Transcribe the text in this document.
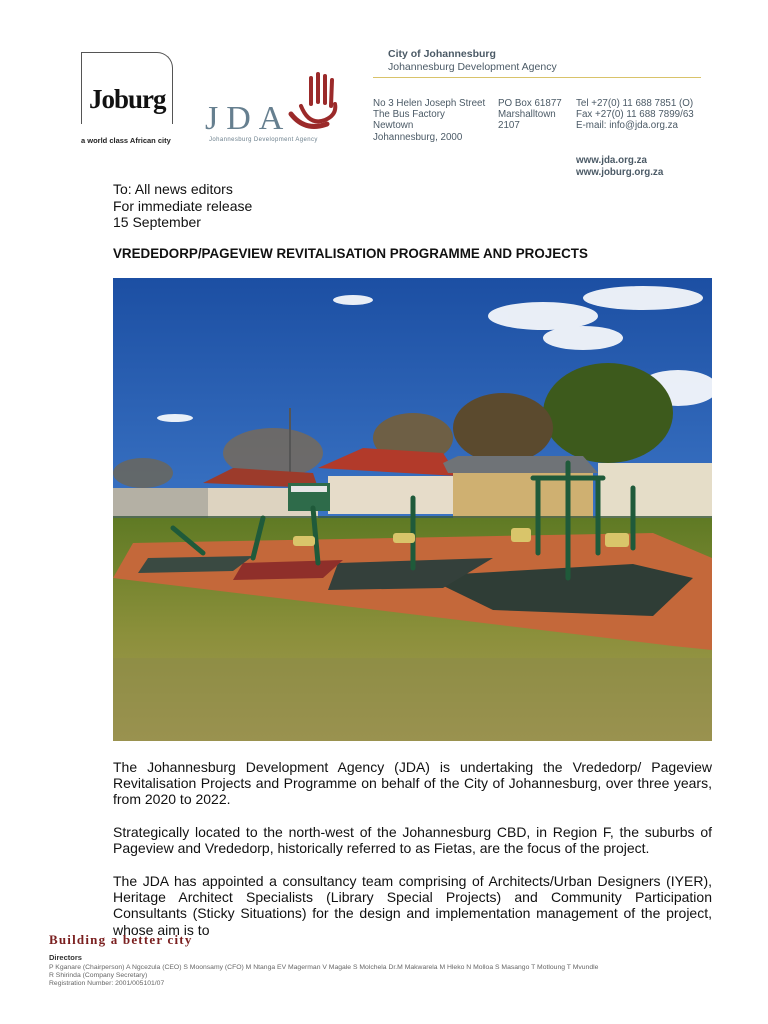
Joburg
a world class African city
JDA
Johannesburg Development Agency
City of Johannesburg
Johannesburg Development Agency
No 3 Helen Joseph Street
The Bus Factory
Newtown
Johannesburg, 2000
PO Box 61877
Marshalltown
2107
Tel +27(0) 11 688 7851 (O)
Fax +27(0) 11 688 7899/63
E-mail: info@jda.org.za
www.jda.org.za
www.joburg.org.za
To: All news editors
For immediate release
15 September
VREDEDORP/PAGEVIEW REVITALISATION PROGRAMME AND PROJECTS
The Johannesburg Development Agency (JDA) is undertaking the Vrededorp/ Pageview Revitalisation Projects and Programme on behalf of the City of Johannesburg, over three years, from 2020 to 2022.
Strategically located to the north-west of the Johannesburg CBD, in Region F, the suburbs of Pageview and Vrededorp, historically referred to as Fietas, are the focus of the project.
The JDA has appointed a consultancy team comprising of Architects/Urban Designers (IYER), Heritage Architect Specialists (Library Special Projects) and Community Participation Consultants (Sticky Situations) for the design and implementation management of the project, whose aim is to
Building a better city
Directors
P Kganare (Chairperson) A Ngcezula (CEO) S Moonsamy (CFO) M Ntanga EV Magerman V Magale S Molchela Dr.M Makwarela M Hleko N Molloa S Masango T Motloung T Mvundle
R Shirinda (Company Secretary)
Registration Number: 2001/005101/07
